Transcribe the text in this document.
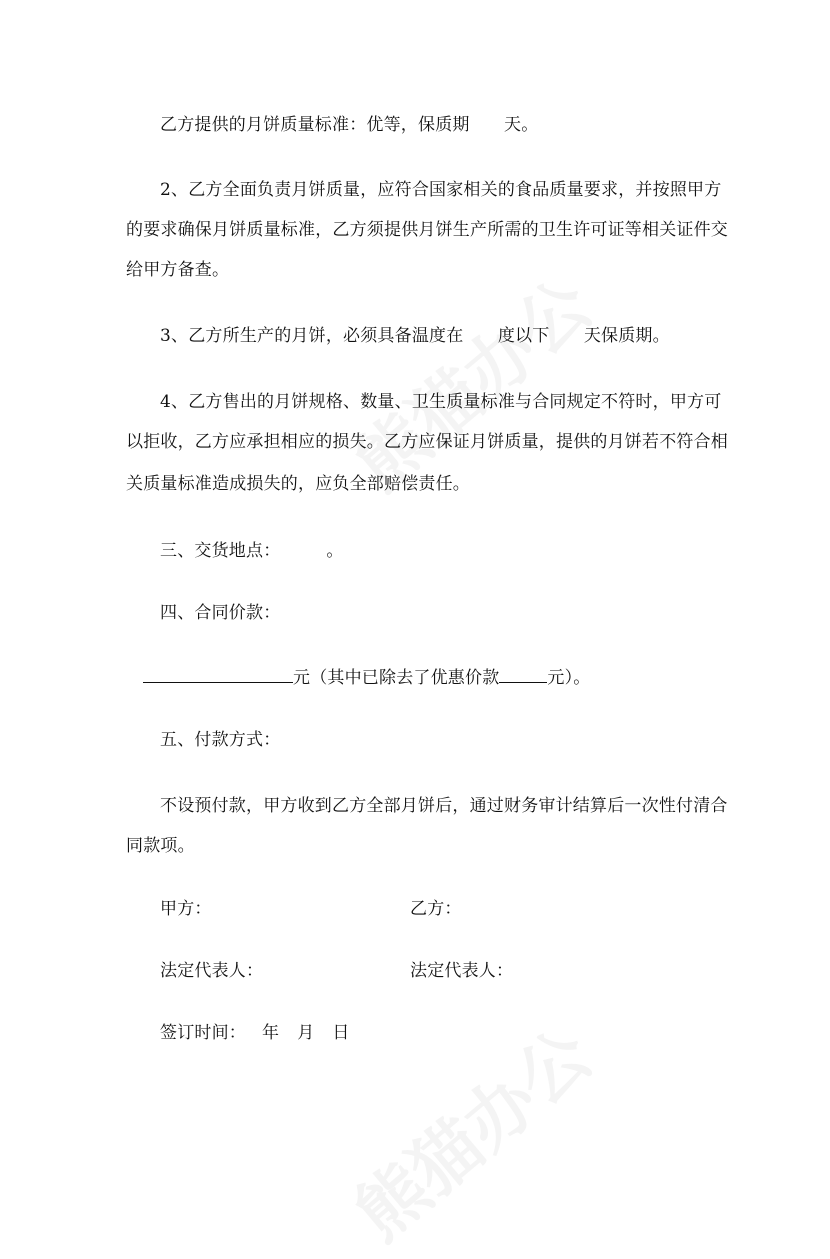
乙方提供的月饼质量标准：优等，保质期　　天。
2、乙方全面负责月饼质量，应符合国家相关的食品质量要求，并按照甲方
的要求确保月饼质量标准，乙方须提供月饼生产所需的卫生许可证等相关证件交
给甲方备查。
3、乙方所生产的月饼，必须具备温度在　　度以下　　天保质期。
4、乙方售出的月饼规格、数量、卫生质量标准与合同规定不符时，甲方可
以拒收，乙方应承担相应的损失。乙方应保证月饼质量，提供的月饼若不符合相
关质量标准造成损失的，应负全部赔偿责任。
三、交货地点：	。
四、合同价款：
元（其中已除去了优惠价款	元）。
五、付款方式：
不设预付款，甲方收到乙方全部月饼后，通过财务审计结算后一次性付清合
同款项。
甲方：	乙方：
法定代表人：	法定代表人：
签订时间： 年 月 日
